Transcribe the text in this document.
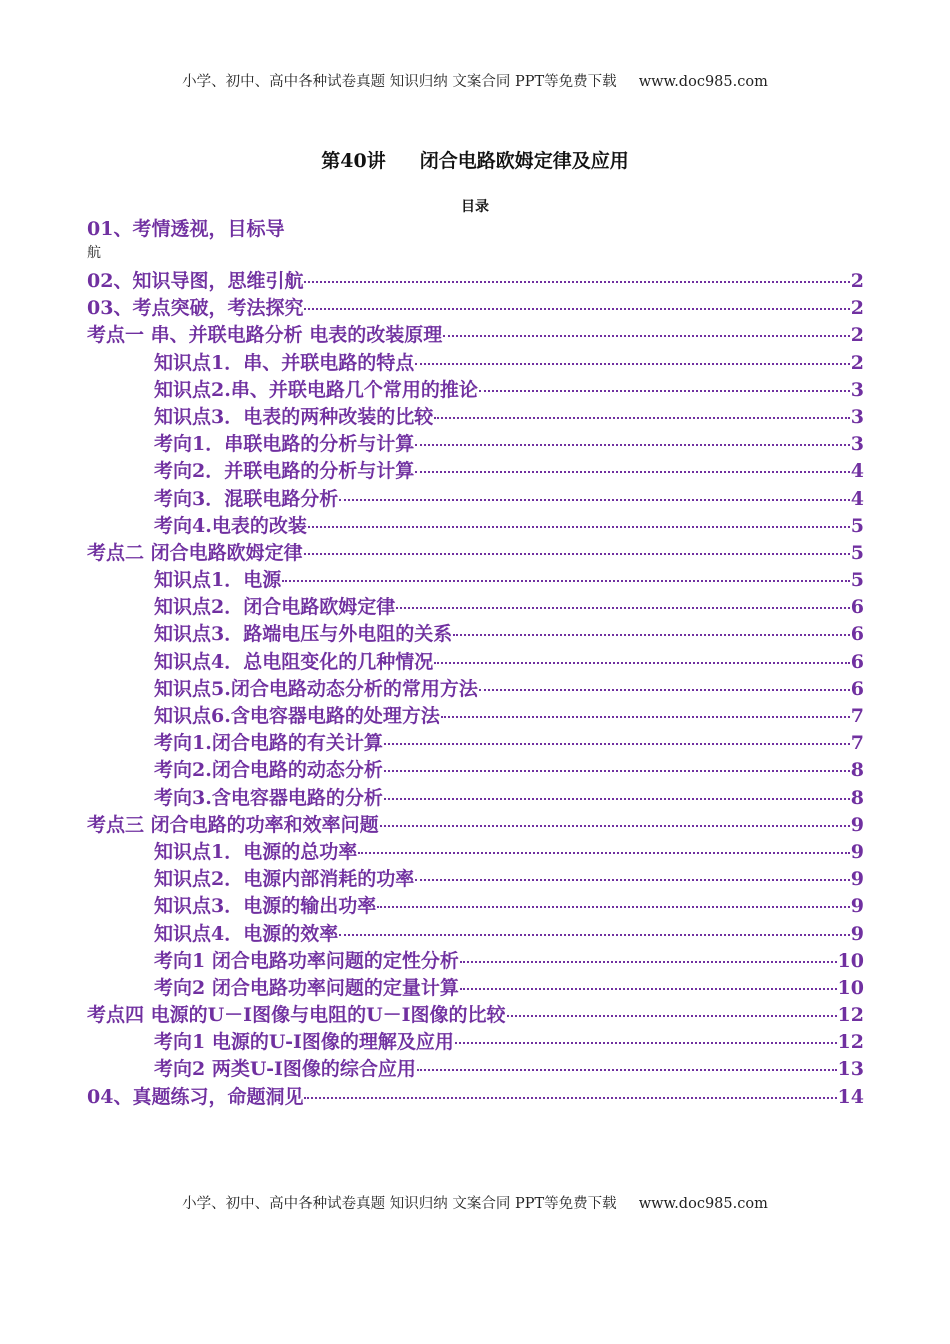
小学、初中、高中各种试卷真题 知识归纳 文案合同 PPT等免费下载 www.doc985.com
第40讲 闭合电路欧姆定律及应用
目录
01、考情透视，目标导
航
02、知识导图，思维引航	2
03、考点突破，考法探究	2
考点一 串、并联电路分析 电表的改装原理	2
知识点1．串、并联电路的特点	2
知识点2.串、并联电路几个常用的推论	3
知识点3．电表的两种改装的比较	3
考向1．串联电路的分析与计算	3
考向2．并联电路的分析与计算	4
考向3．混联电路分析	4
考向4.电表的改装	5
考点二 闭合电路欧姆定律	5
知识点1．电源	5
知识点2．闭合电路欧姆定律	6
知识点3．路端电压与外电阻的关系	6
知识点4．总电阻变化的几种情况	6
知识点5.闭合电路动态分析的常用方法	6
知识点6.含电容器电路的处理方法	7
考向1.闭合电路的有关计算	7
考向2.闭合电路的动态分析	8
考向3.含电容器电路的分析	8
考点三 闭合电路的功率和效率问题	9
知识点1．电源的总功率	9
知识点2．电源内部消耗的功率	9
知识点3．电源的输出功率	9
知识点4．电源的效率	9
考向1 闭合电路功率问题的定性分析	10
考向2 闭合电路功率问题的定量计算	10
考点四 电源的U－I图像与电阻的U－I图像的比较	12
考向1 电源的U-I图像的理解及应用	12
考向2 两类U-I图像的综合应用	13
04、真题练习，命题洞见	14
小学、初中、高中各种试卷真题 知识归纳 文案合同 PPT等免费下载 www.doc985.com
